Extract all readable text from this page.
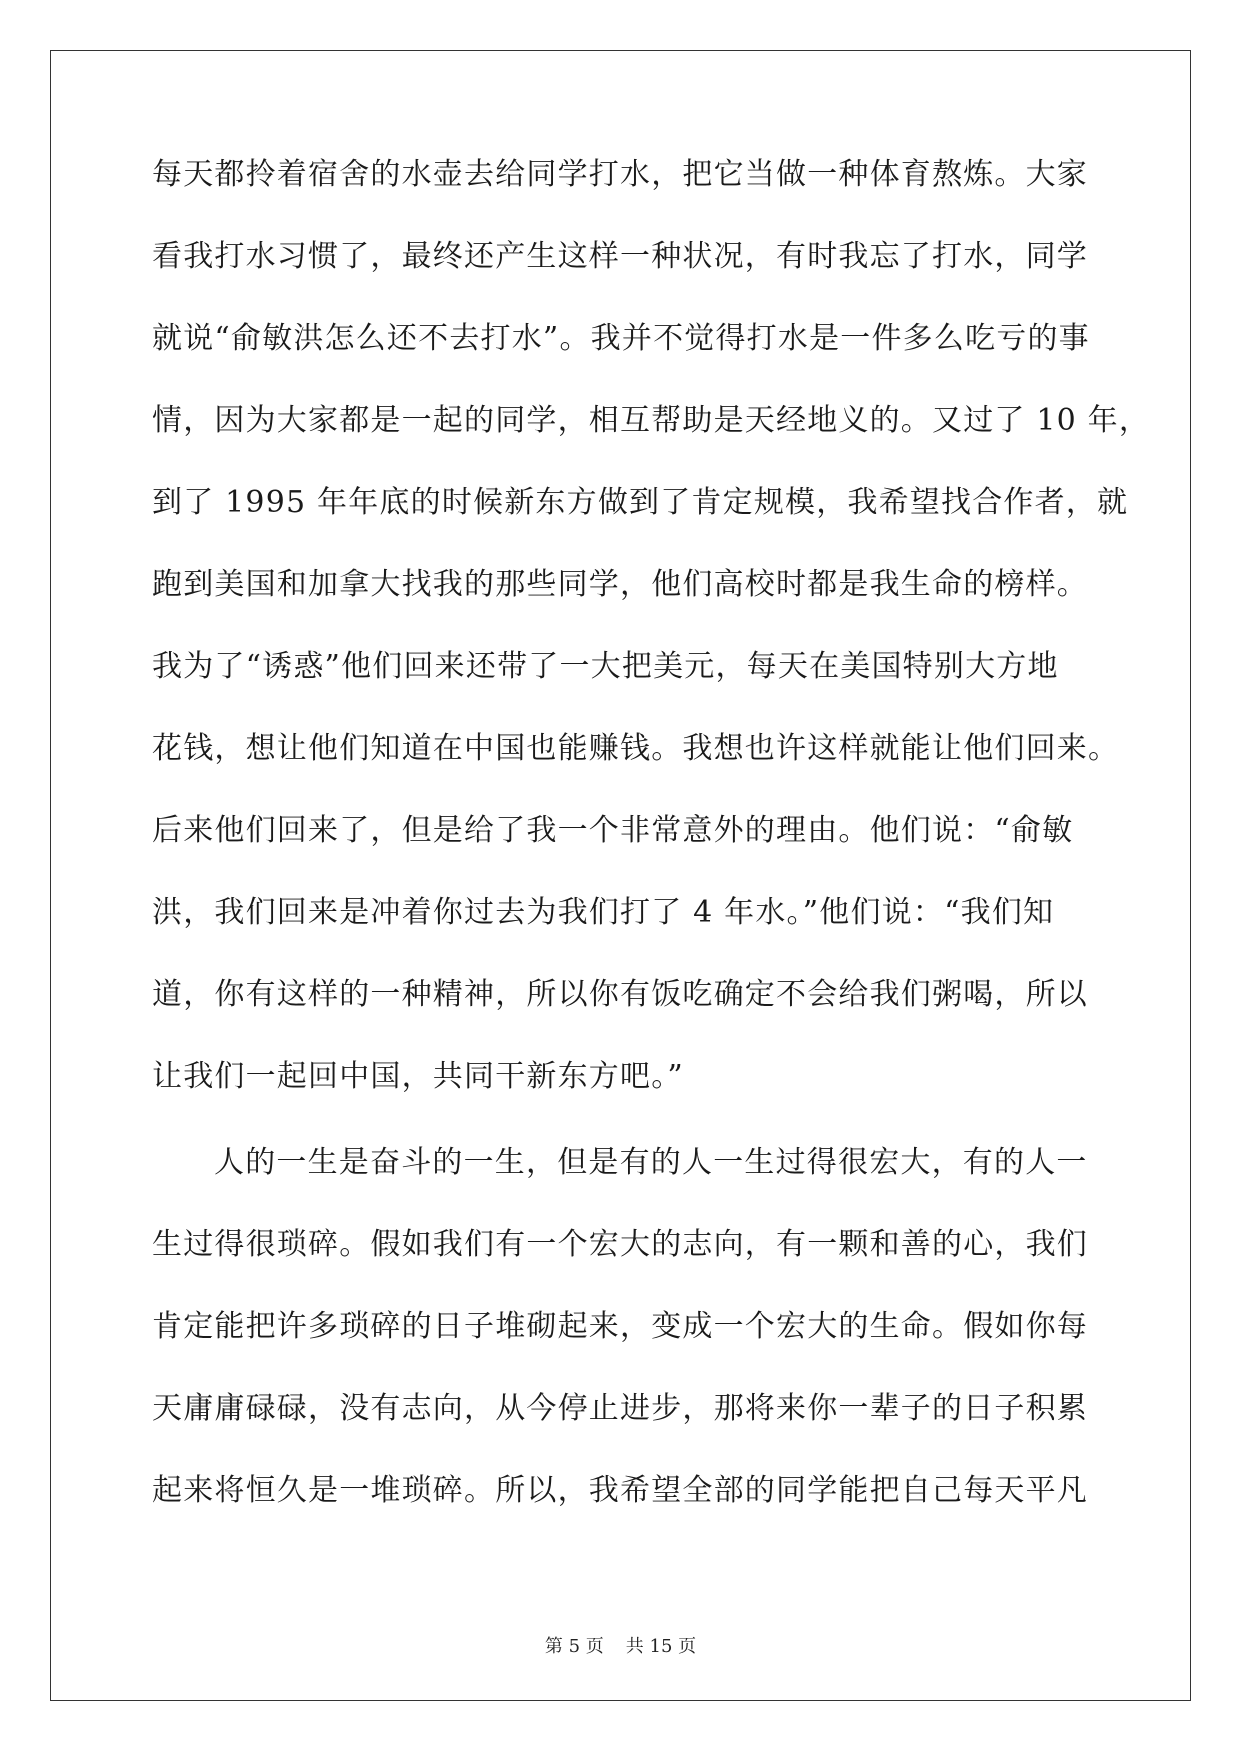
每天都拎着宿舍的水壶去给同学打水，把它当做一种体育熬炼。大家
看我打水习惯了，最终还产生这样一种状况，有时我忘了打水，同学
就说“俞敏洪怎么还不去打水”。我并不觉得打水是一件多么吃亏的事
情，因为大家都是一起的同学，相互帮助是天经地义的。又过了 10 年，
到了 1995 年年底的时候新东方做到了肯定规模，我希望找合作者，就
跑到美国和加拿大找我的那些同学，他们高校时都是我生命的榜样。
我为了“诱惑”他们回来还带了一大把美元，每天在美国特别大方地
花钱，想让他们知道在中国也能赚钱。我想也许这样就能让他们回来。
后来他们回来了，但是给了我一个非常意外的理由。他们说：“俞敏
洪，我们回来是冲着你过去为我们打了 4 年水。”他们说：“我们知
道，你有这样的一种精神，所以你有饭吃确定不会给我们粥喝，所以
让我们一起回中国，共同干新东方吧。”
人的一生是奋斗的一生，但是有的人一生过得很宏大，有的人一
生过得很琐碎。假如我们有一个宏大的志向，有一颗和善的心，我们
肯定能把许多琐碎的日子堆砌起来，变成一个宏大的生命。假如你每
天庸庸碌碌，没有志向，从今停止进步，那将来你一辈子的日子积累
起来将恒久是一堆琐碎。所以，我希望全部的同学能把自己每天平凡
第 5 页 共 15 页
